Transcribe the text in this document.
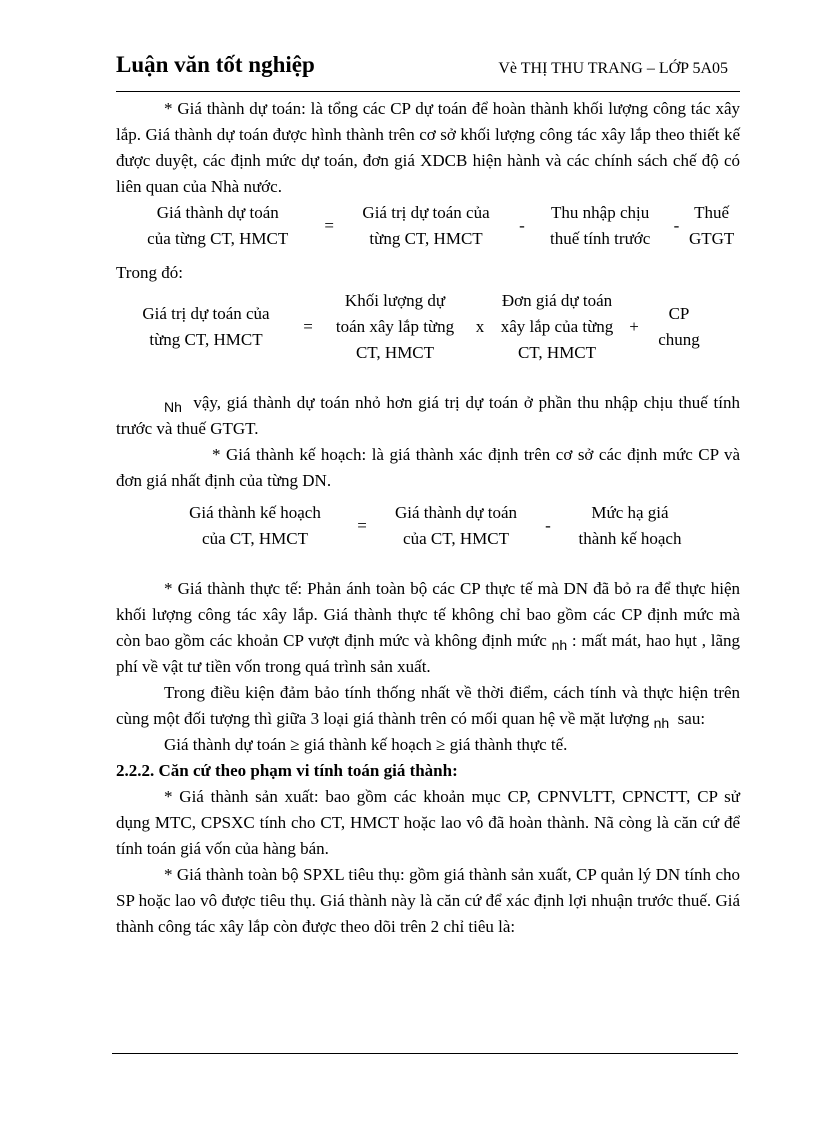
Luận văn tốt nghiệp	Vè THỊ THU TRANG – LỚP 5A05

* Giá thành dự toán: là tổng các CP dự toán để hoàn thành khối lượng công tác xây lắp. Giá thành dự toán được hình thành trên cơ sở khối lượng công tác xây lắp theo thiết kế được duyệt, các định mức dự toán, đơn giá XDCB hiện hành và các chính sách chế độ có liên quan của Nhà nước.

Giá thành dự toán
của từng CT, HMCT
=
Giá trị dự toán của
từng CT, HMCT
-
Thu nhập chịu
thuế tính trước
-
Thuế
GTGT

Trong đó:

Giá trị dự toán của
từng CT, HMCT
=
Khối lượng dự
toán xây lắp từng
CT, HMCT
x
Đơn giá dự toán
xây lắp của từng
CT, HMCT
+
CP
chung

$_{Nh}$ vậy, giá thành dự toán nhỏ hơn giá trị dự toán ở phần thu nhập chịu thuế tính trước và thuế GTGT.

* Giá thành kế hoạch: là giá thành xác định trên cơ sở các định mức CP và đơn giá nhất định của từng DN.

Giá thành kế hoạch
của CT, HMCT
=
Giá thành dự toán
của CT, HMCT
-
Mức hạ giá
thành kế hoạch

* Giá thành thực tế: Phản ánh toàn bộ các CP thực tế mà DN đã bỏ ra để thực hiện khối lượng công tác xây lắp. Giá thành thực tế không chỉ bao gồm các CP định mức mà còn bao gồm các khoản CP vượt định mức và không định mức $_{nh}$ : mất mát, hao hụt , lãng phí về vật tư tiền vốn trong quá trình sản xuất.

Trong điều kiện đảm bảo tính thống nhất về thời điểm, cách tính và thực hiện trên cùng một đối tượng thì giữa 3 loại giá thành trên có mối quan hệ về mặt lượng $_{nh}$ sau:

Giá thành dự toán ≥ giá thành kế hoạch ≥ giá thành thực tế.

2.2.2. Căn cứ theo phạm vi tính toán giá thành:

* Giá thành sản xuất: bao gồm các khoản mục CP, CPNVLTT, CPNCTT, CP sử dụng MTC, CPSXC tính cho CT, HMCT hoặc lao vô đã hoàn thành. Nã còng là căn cứ để tính toán giá vốn của hàng bán.

* Giá thành toàn bộ SPXL tiêu thụ: gồm giá thành sản xuất, CP quản lý DN tính cho SP hoặc lao vô được tiêu thụ. Giá thành này là căn cứ để xác định lợi nhuận trước thuế. Giá thành công tác xây lắp còn được theo dõi trên 2 chỉ tiêu là:
